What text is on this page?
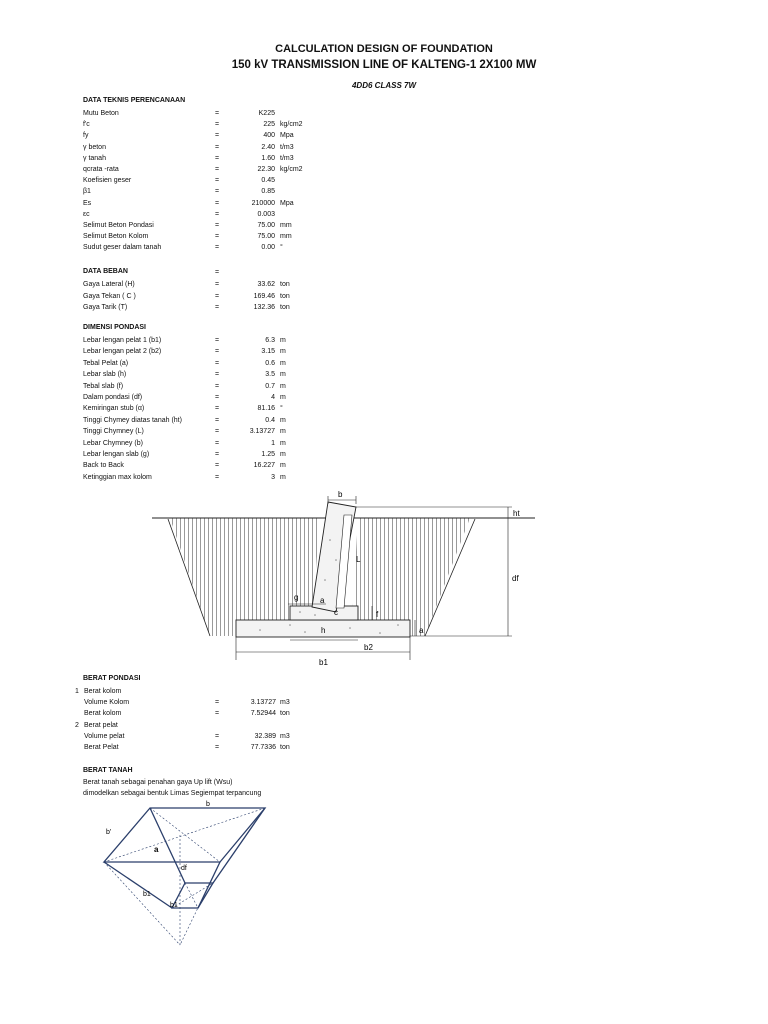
CALCULATION DESIGN OF FOUNDATION
150 kV TRANSMISSION LINE OF KALTENG-1 2X100 MW
4DD6 CLASS 7W
DATA TEKNIS PERENCANAAN
Mutu Beton	=	K225
f'c	=	225 kg/cm2
fy	=	400 Mpa
γ beton	=	2.40 t/m3
γ tanah	=	1.60 t/m3
qcrata -rata	=	22.30 kg/cm2
Koefisien geser	=	0.45
β1	=	0.85
Es	=	210000 Mpa
εc	=	0.003
Selimut Beton Pondasi	=	75.00 mm
Selimut Beton Kolom	=	75.00 mm
Sudut geser dalam tanah	=	0.00 °
DATA BEBAN	=
Gaya Lateral (H)	=	33.62 ton
Gaya Tekan ( C )	=	169.46 ton
Gaya Tarik (T)	=	132.36 ton
DIMENSI PONDASI
Lebar lengan pelat 1 (b1)	=	6.3 m
Lebar lengan pelat 2 (b2)	=	3.15 m
Tebal Pelat (a)	=	0.6 m
Lebar slab (h)	=	3.5 m
Tebal slab (f)	=	0.7 m
Dalam pondasi (df)	=	4 m
Kemiringan stub (α)	=	81.16 °
Tinggi Chymey diatas tanah (ht)	=	0.4 m
Tinggi Chymney (L)	=	3.13727 m
Lebar Chymney (b)	=	1 m
Lebar lengan slab (g)	=	1.25 m
Back to Back	=	16.227 m
Ketinggian max kolom	=	3 m
b
ht
L
df
g	a
c	f
a
h
b2
b1
BERAT PONDASI
1 Berat kolom
Volume Kolom	=	3.13727 m3
Berat kolom	=	7.52944 ton
2 Berat pelat
Volume pelat	=	32.389 m3
Berat Pelat	=	77.7336 ton
BERAT TANAH
Berat tanah sebagai penahan gaya Up lift (Wsu)
dimodelkan sebagai bentuk Limas Segiempat terpancung
b
b'
a
df
b1
b1
